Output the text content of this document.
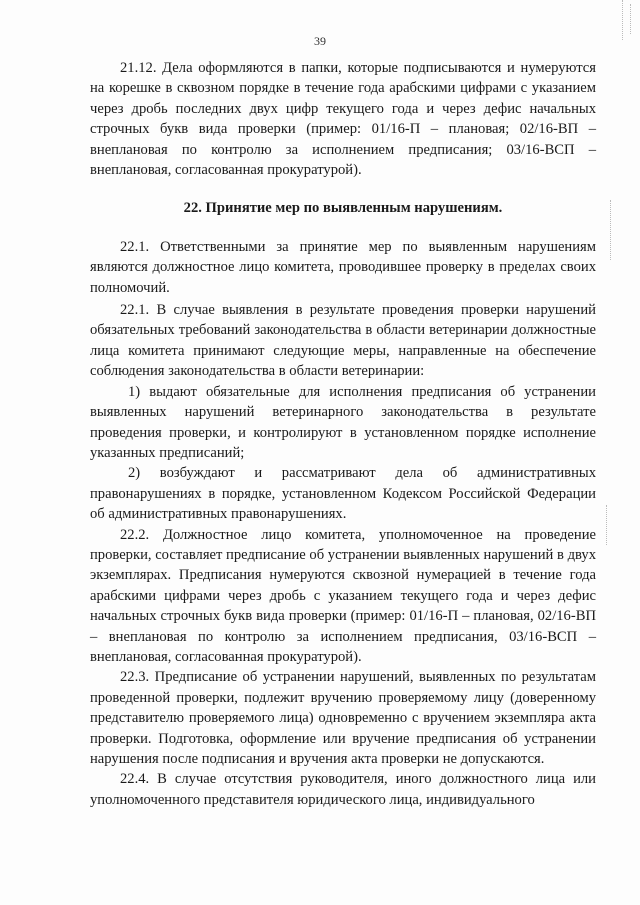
39

21.12. Дела оформляются в папки, которые подписываются и нумеруются на корешке в сквозном порядке в течение года арабскими цифрами с указанием через дробь последних двух цифр текущего года и через дефис начальных строчных букв вида проверки (пример: 01/16-П – плановая; 02/16-ВП – внеплановая по контролю за исполнением предписания; 03/16-ВСП – внеплановая, согласованная прокуратурой).

22. Принятие мер по выявленным нарушениям.

22.1. Ответственными за принятие мер по выявленным нарушениям являются должностное лицо комитета, проводившее проверку в пределах своих полномочий.

22.1. В случае выявления в результате проведения проверки нарушений обязательных требований законодательства в области ветеринарии должностные лица комитета принимают следующие меры, направленные на обеспечение соблюдения законодательства в области ветеринарии:

1) выдают обязательные для исполнения предписания об устранении выявленных нарушений ветеринарного законодательства в результате проведения проверки, и контролируют в установленном порядке исполнение указанных предписаний;

2) возбуждают и рассматривают дела об административных правонарушениях в порядке, установленном Кодексом Российской Федерации об административных правонарушениях.

22.2. Должностное лицо комитета, уполномоченное на проведение проверки, составляет предписание об устранении выявленных нарушений в двух экземплярах. Предписания нумеруются сквозной нумерацией в течение года арабскими цифрами через дробь с указанием текущего года и через дефис начальных строчных букв вида проверки (пример: 01/16-П – плановая, 02/16-ВП – внеплановая по контролю за исполнением предписания, 03/16-ВСП – внеплановая, согласованная прокуратурой).

22.3. Предписание об устранении нарушений, выявленных по результатам проведенной проверки, подлежит вручению проверяемому лицу (доверенному представителю проверяемого лица) одновременно с вручением экземпляра акта проверки. Подготовка, оформление или вручение предписания об устранении нарушения после подписания и вручения акта проверки не допускаются.

22.4. В случае отсутствия руководителя, иного должностного лица или уполномоченного представителя юридического лица, индивидуального
